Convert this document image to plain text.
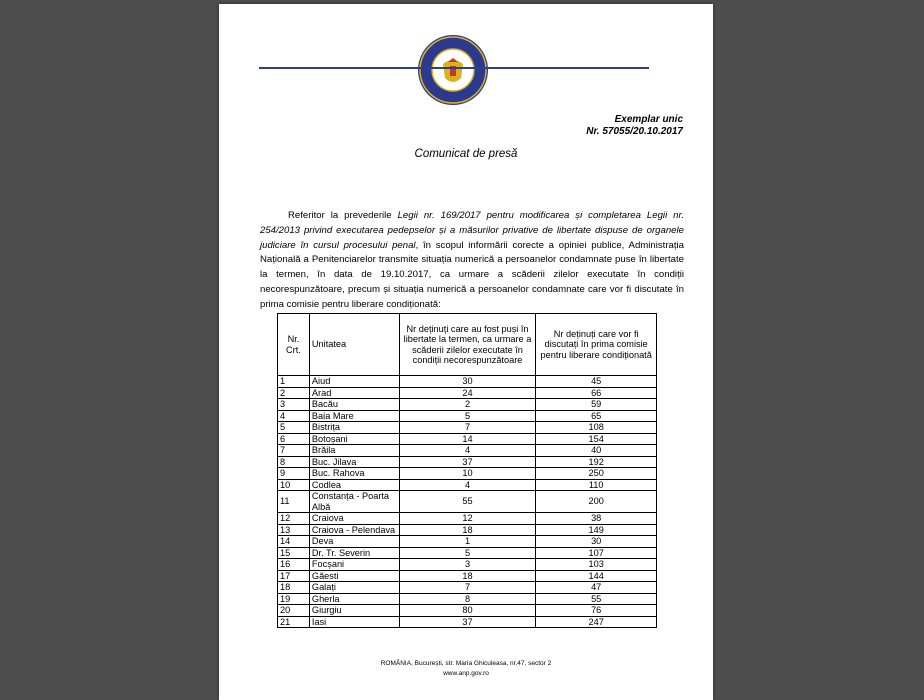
Exemplar unic
Nr. 57055/20.10.2017
Comunicat de presă
Referitor la prevederile Legii nr. 169/2017 pentru modificarea și completarea Legii nr. 254/2013 privind executarea pedepselor și a măsurilor privative de libertate dispuse de organele judiciare în cursul procesului penal, în scopul informării corecte a opiniei publice, Administrația Națională a Penitenciarelor transmite situația numerică a persoanelor condamnate puse în libertate la termen, în data de 19.10.2017, ca urmare a scăderii zilelor executate în condiții necorespunzătoare, precum și situația numerică a persoanelor condamnate care vor fi discutate în prima comisie pentru liberare condiționată:
Nr. Crt.	Unitatea	Nr deținuți care au fost puși în libertate la termen, ca urmare a scăderii zilelor executate în condiții necorespunzătoare	Nr deținuți care vor fi discutați în prima comisie pentru liberare condiționată
1	Aiud	30	45
2	Arad	24	66
3	Bacău	2	59
4	Baia Mare	5	65
5	Bistrița	7	108
6	Botoșani	14	154
7	Brăila	4	40
8	Buc. Jilava	37	192
9	Buc. Rahova	10	250
10	Codlea	4	110
11	Constanța - Poarta Albă	55	200
12	Craiova	12	38
13	Craiova - Pelendava	18	149
14	Deva	1	30
15	Dr. Tr. Severin	5	107
16	Focșani	3	103
17	Găesti	18	144
18	Galați	7	47
19	Gherla	8	55
20	Giurgiu	80	76
21	Iasi	37	247
ROMÂNIA, București, str. Maria Ghiculeasa, nr.47, sector 2
www.anp.gov.ro
